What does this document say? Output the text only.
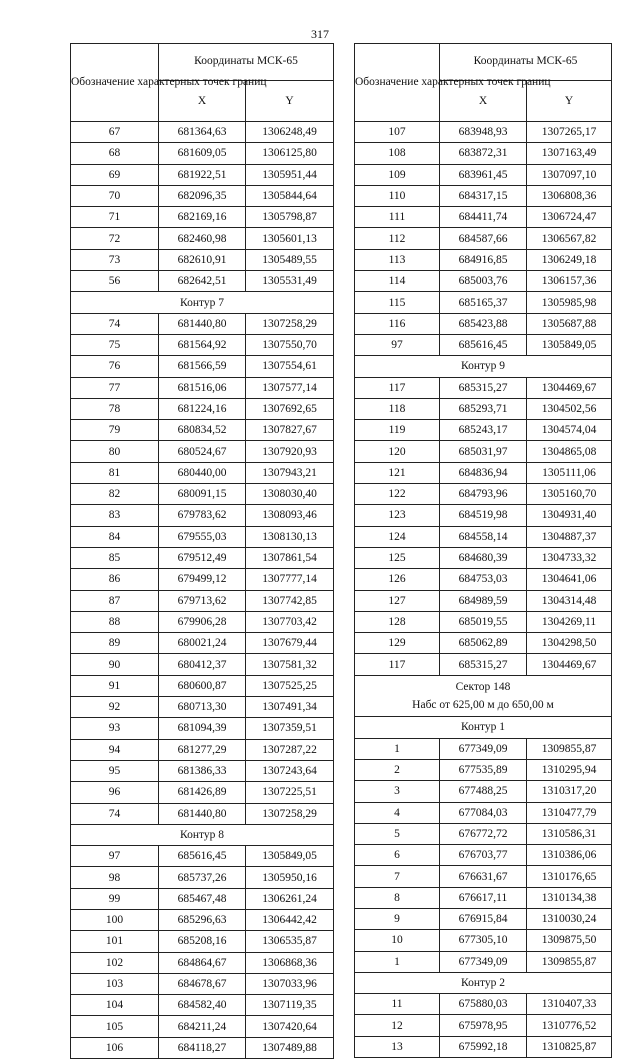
317
Обозначение характерных точек границ	Координаты МСК-65	
	X	Y
67	681364,63	1306248,49
68	681609,05	1306125,80
69	681922,51	1305951,44
70	682096,35	1305844,64
71	682169,16	1305798,87
72	682460,98	1305601,13
73	682610,91	1305489,55
56	682642,51	1305531,49
Контур 7		
74	681440,80	1307258,29
75	681564,92	1307550,70
76	681566,59	1307554,61
77	681516,06	1307577,14
78	681224,16	1307692,65
79	680834,52	1307827,67
80	680524,67	1307920,93
81	680440,00	1307943,21
82	680091,15	1308030,40
83	679783,62	1308093,46
84	679555,03	1308130,13
85	679512,49	1307861,54
86	679499,12	1307777,14
87	679713,62	1307742,85
88	679906,28	1307703,42
89	680021,24	1307679,44
90	680412,37	1307581,32
91	680600,87	1307525,25
92	680713,30	1307491,34
93	681094,39	1307359,51
94	681277,29	1307287,22
95	681386,33	1307243,64
96	681426,89	1307225,51
74	681440,80	1307258,29
Контур 8		
97	685616,45	1305849,05
98	685737,26	1305950,16
99	685467,48	1306261,24
100	685296,63	1306442,42
101	685208,16	1306535,87
102	684864,67	1306868,36
103	684678,67	1307033,96
104	684582,40	1307119,35
105	684211,24	1307420,64
106	684118,27	1307489,88
Обозначение характерных точек границ	Координаты МСК-65	
	X	Y
107	683948,93	1307265,17
108	683872,31	1307163,49
109	683961,45	1307097,10
110	684317,15	1306808,36
111	684411,74	1306724,47
112	684587,66	1306567,82
113	684916,85	1306249,18
114	685003,76	1306157,36
115	685165,37	1305985,98
116	685423,88	1305687,88
97	685616,45	1305849,05
Контур 9		
117	685315,27	1304469,67
118	685293,71	1304502,56
119	685243,17	1304574,04
120	685031,97	1304865,08
121	684836,94	1305111,06
122	684793,96	1305160,70
123	684519,98	1304931,40
124	684558,14	1304887,37
125	684680,39	1304733,32
126	684753,03	1304641,06
127	684989,59	1304314,48
128	685019,55	1304269,11
129	685062,89	1304298,50
117	685315,27	1304469,67

Сектор 148
Набс от 625,00 м до 650,00 м		

Контур 1		
1	677349,09	1309855,87
2	677535,89	1310295,94
3	677488,25	1310317,20
4	677084,03	1310477,79
5	676772,72	1310586,31
6	676703,77	1310386,06
7	676631,67	1310176,65
8	676617,11	1310134,38
9	676915,84	1310030,24
10	677305,10	1309875,50
1	677349,09	1309855,87
Контур 2		
11	675880,03	1310407,33
12	675978,95	1310776,52
13	675992,18	1310825,87
